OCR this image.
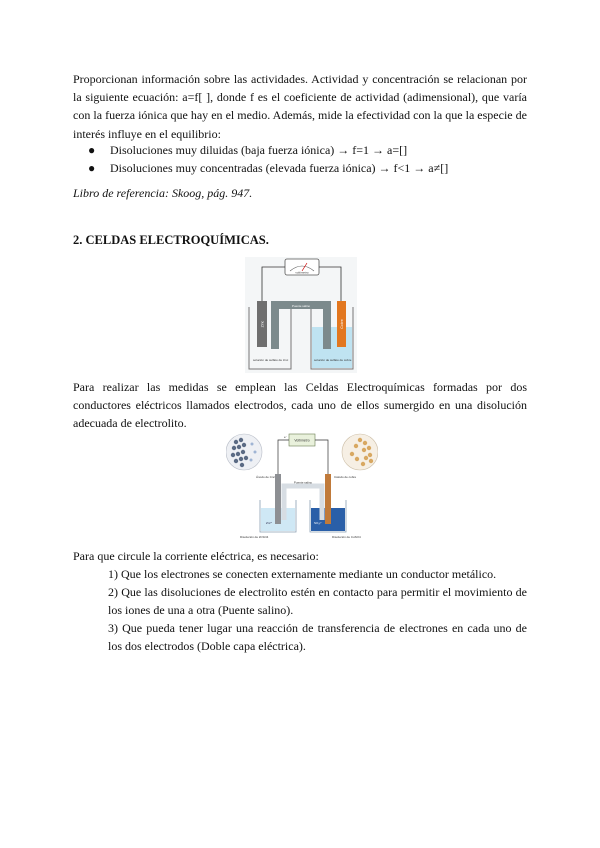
Proporcionan información sobre las actividades. Actividad y concentración se relacionan por la siguiente ecuación: a=f[ ], donde f es el coeficiente de actividad (adimensional), que varía con la fuerza iónica que hay en el medio. Además, mide la efectividad con la que la especie de interés influye en el equilibrio:

● Disoluciones muy diluidas (baja fuerza iónica) → f=1 → a=[]
● Disoluciones muy concentradas (elevada fuerza iónica) → f<1 → a≠[]
Libro de referencia: Skoog, pág. 947.
2. CELDAS ELECTROQUÍMICAS.
voltímetro
Puente salino
Zinc	Cobre
solución de sulfato de zinc	solución de sulfato de cobre

Para realizar las medidas se emplean las Celdas Electroquímicas formadas por dos conductores eléctricos llamados electrodos, cada uno de ellos sumergido en una disolución adecuada de electrolito.

Voltímetro
e⁻
Puente salino
Ánodo de zinc	Cátodo de cobre
Zn²⁺	SO₄²⁻
Disolución de ZnSO4	Disolución de CuSO4
Para que circule la corriente eléctrica, es necesario:
1) Que los electrones se conecten externamente mediante un conductor metálico.
2) Que las disoluciones de electrolito estén en contacto para permitir el movimiento de los iones de una a otra (Puente salino).
3) Que pueda tener lugar una reacción de transferencia de electrones en cada uno de los dos electrodos (Doble capa eléctrica).
